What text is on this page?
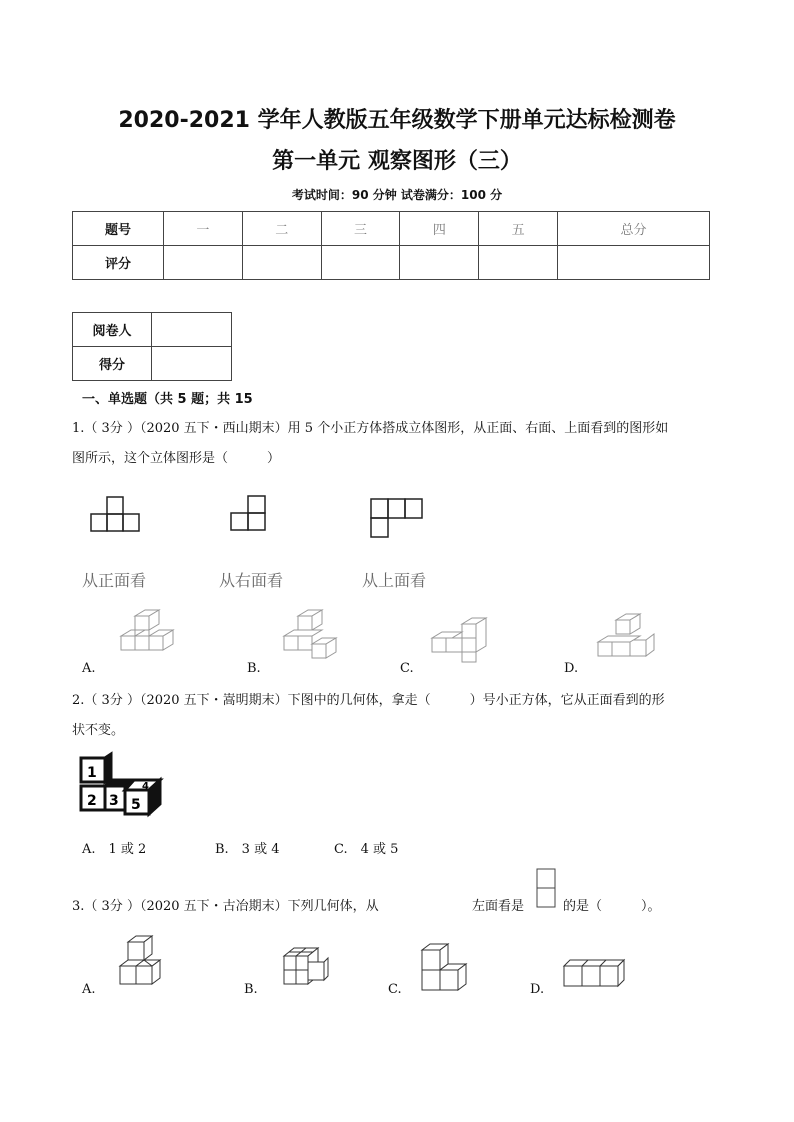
2020-2021 学年人教版五年级数学下册单元达标检测卷
第一单元 观察图形（三）
考试时间：90 分钟 试卷满分：100 分
题号	一	二	三	四	五	总分
评分						
阅卷人	
得分	
一、单选题（共 5 题；共 15
1.（ 3分 ）（2020 五下・西山期末）用 5 个小正方体搭成立体图形，从正面、右面、上面看到的图形如
图所示，这个立体图形是（　　　）
从正面看	从右面看	从上面看
A.	B.	C.	D.
2.（ 3分 ）（2020 五下・嵩明期末）下图中的几何体，拿走（　　　）号小正方体，它从正面看到的形
状不变。
1
2 3
4
5
A.　1 或 2	B.　3 或 4	C.　4 或 5
3.（ 3分 ）（2020 五下・古冶期末）下列几何体，从	左面看是	的是（　　　）。
A.	B.	C.	D.
